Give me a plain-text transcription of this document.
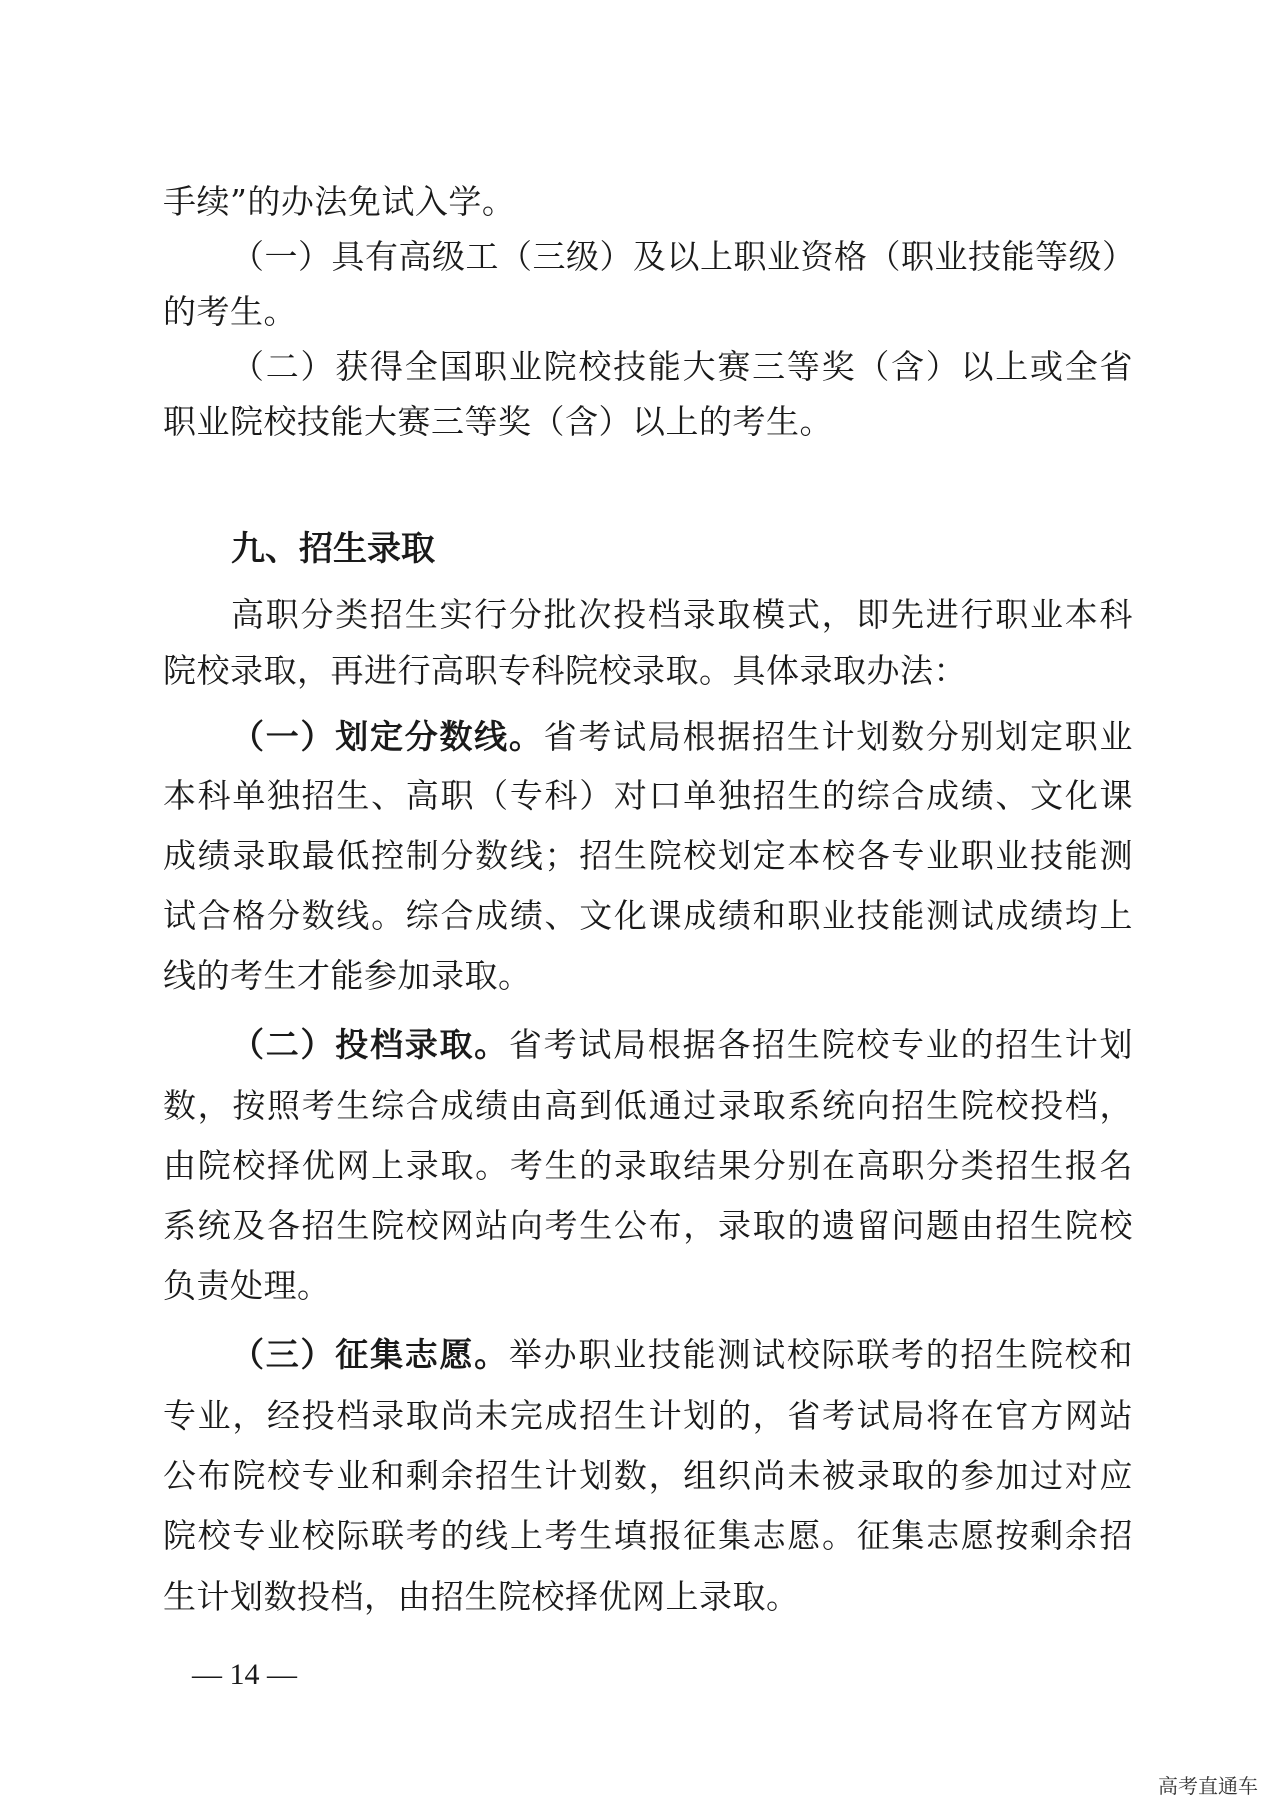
手续”的办法免试入学。
（一）具有高级工（三级）及以上职业资格（职业技能等级）
的考生。
（二）获得全国职业院校技能大赛三等奖（含）以上或全省
职业院校技能大赛三等奖（含）以上的考生。
九、招生录取
高职分类招生实行分批次投档录取模式，即先进行职业本科
院校录取，再进行高职专科院校录取。具体录取办法：
（一）划定分数线。省考试局根据招生计划数分别划定职业
本科单独招生、高职（专科）对口单独招生的综合成绩、文化课
成绩录取最低控制分数线；招生院校划定本校各专业职业技能测
试合格分数线。综合成绩、文化课成绩和职业技能测试成绩均上
线的考生才能参加录取。
（二）投档录取。省考试局根据各招生院校专业的招生计划
数，按照考生综合成绩由高到低通过录取系统向招生院校投档，
由院校择优网上录取。考生的录取结果分别在高职分类招生报名
系统及各招生院校网站向考生公布，录取的遗留问题由招生院校
负责处理。
（三）征集志愿。举办职业技能测试校际联考的招生院校和
专业，经投档录取尚未完成招生计划的，省考试局将在官方网站
公布院校专业和剩余招生计划数，组织尚未被录取的参加过对应
院校专业校际联考的线上考生填报征集志愿。征集志愿按剩余招
生计划数投档，由招生院校择优网上录取。
— 14 —
高考直通车
